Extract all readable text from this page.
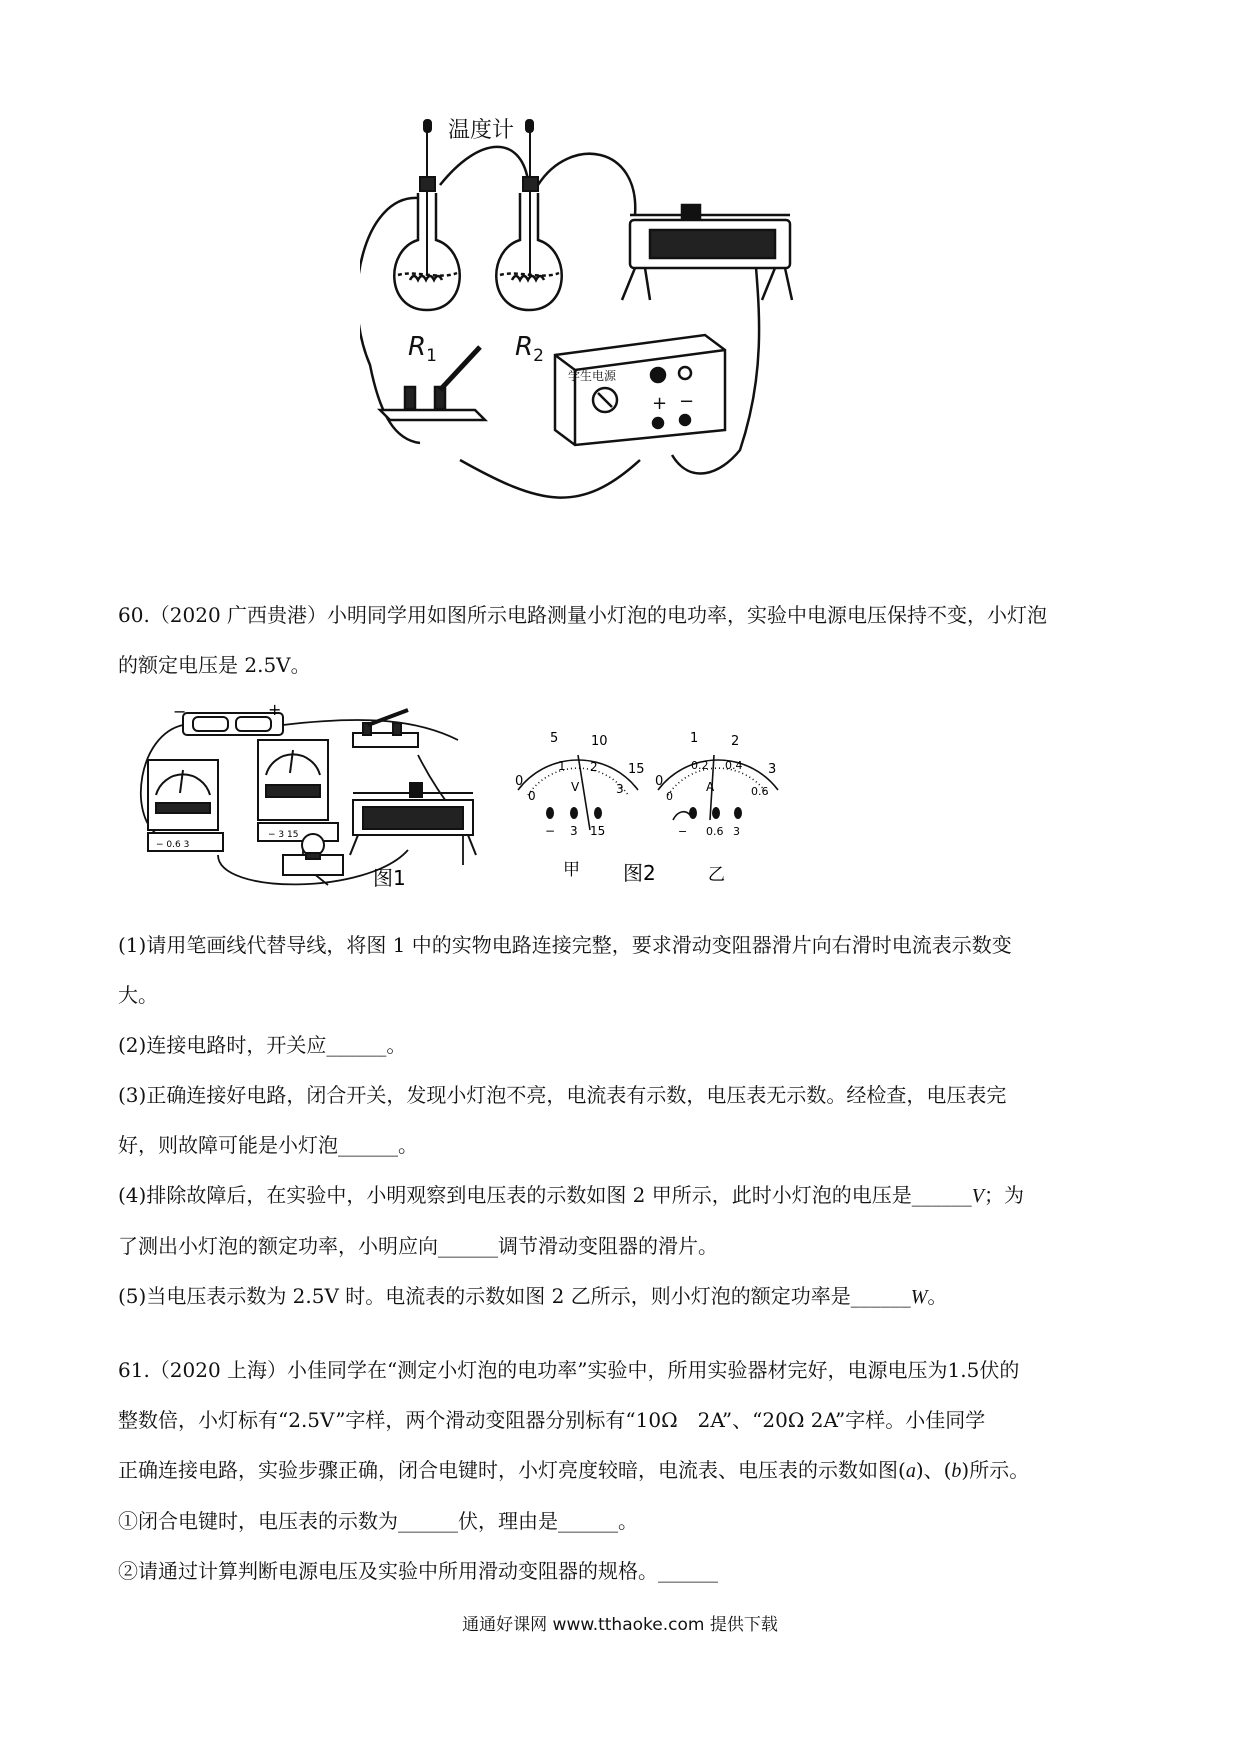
温度计
$R_1$	$R_2$
学生电源
+ −
60.（2020 广西贵港）小明同学用如图所示电路测量小灯泡的电功率，实验中电源电压保持不变，小灯泡
的额定电压是 2.5V。
−	+
− 0.6 3
− 3 15
图1
0
5	10
15
0
1 2
3
V
− 3 15
甲 图2
0
1	2
3
0
0.2 0.4
0.6
A
− 0.6 3
乙
(1)请用笔画线代替导线，将图 1 中的实物电路连接完整，要求滑动变阻器滑片向右滑时电流表示数变
大。
(2)连接电路时，开关应______。
(3)正确连接好电路，闭合开关，发现小灯泡不亮，电流表有示数，电压表无示数。经检查，电压表完
好，则故障可能是小灯泡______。
(4)排除故障后，在实验中，小明观察到电压表的示数如图 2 甲所示，此时小灯泡的电压是______V；为
了测出小灯泡的额定功率，小明应向______调节滑动变阻器的滑片。
(5)当电压表示数为 2.5V 时。电流表的示数如图 2 乙所示，则小灯泡的额定功率是______W。
61.（2020 上海）小佳同学在“测定小灯泡的电功率”实验中，所用实验器材完好，电源电压为1.5伏的
整数倍，小灯标有“2.5V”字样，两个滑动变阻器分别标有“10Ω　2A”、“20Ω 2A”字样。小佳同学
正确连接电路，实验步骤正确，闭合电键时，小灯亮度较暗，电流表、电压表的示数如图(a)、(b)所示。
①闭合电键时，电压表的示数为______伏，理由是______。
②请通过计算判断电源电压及实验中所用滑动变阻器的规格。______
通通好课网 www.tthaoke.com 提供下载
